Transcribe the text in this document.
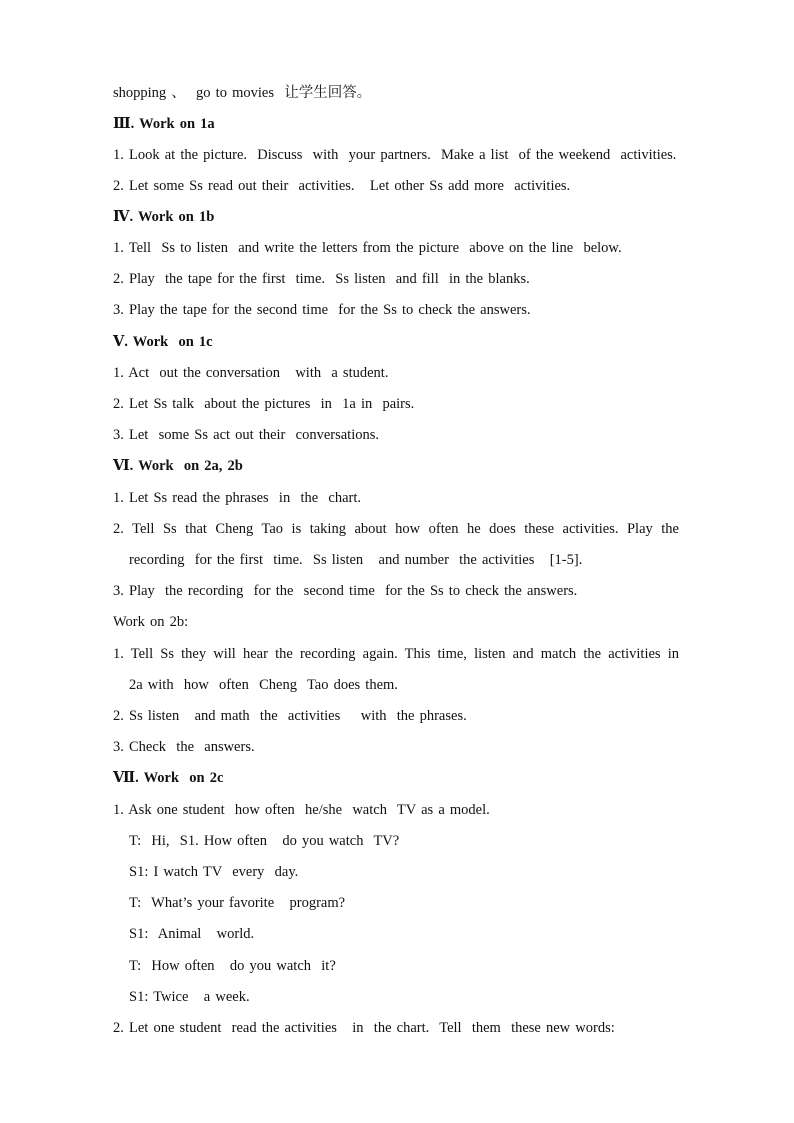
shopping 、  go to movies  让学生回答。
Ⅲ. Work on 1a
1. Look at the picture.  Discuss  with  your partners.  Make a list  of the weekend  activities.
2. Let some Ss read out their  activities.   Let other Ss add more  activities.
Ⅳ. Work on 1b
1. Tell  Ss to listen  and write the letters from the picture  above on the line  below.
2. Play  the tape for the first  time.  Ss listen  and fill  in the blanks.
3. Play the tape for the second time  for the Ss to check the answers.
Ⅴ. Work  on 1c
1. Act  out the conversation   with  a student.
2. Let Ss talk  about the pictures  in  1a in  pairs.
3. Let  some Ss act out their  conversations.
Ⅵ. Work  on 2a, 2b
1. Let Ss read the phrases  in  the  chart.
2. Tell Ss that Cheng Tao is taking about how often he does these activities. Play the
recording  for the first  time.  Ss listen   and number  the activities   [1-5].
3. Play  the recording  for the  second time  for the Ss to check the answers.
Work on 2b:
1. Tell Ss they will hear the recording again. This time, listen and match the activities in
2a with  how  often  Cheng  Tao does them.
2. Ss listen   and math  the  activities    with  the phrases.
3. Check  the  answers.
Ⅶ. Work  on 2c
1. Ask one student  how often  he/she  watch  TV as a model.
T:  Hi,  S1. How often   do you watch  TV?
S1: I watch TV  every  day.
T:  What’s your favorite   program?
S1:  Animal   world.
T:  How often   do you watch  it?
S1: Twice   a week.
2. Let one student  read the activities   in  the chart.  Tell  them  these new words:
